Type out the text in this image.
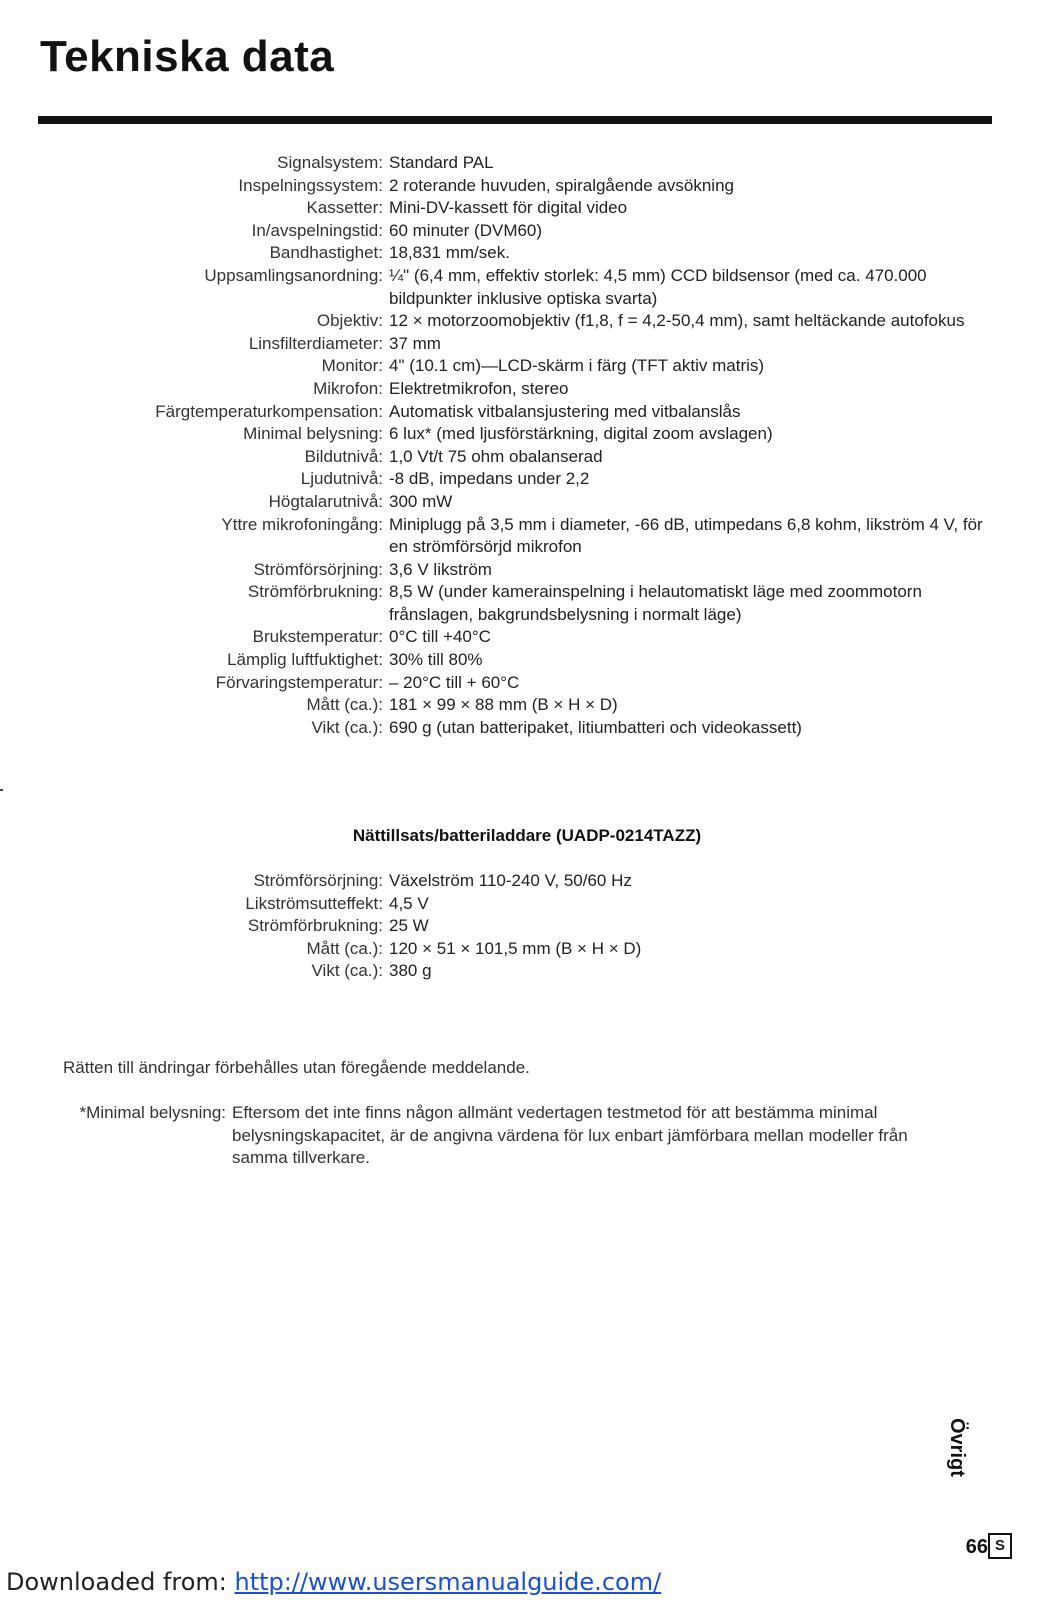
Tekniska data
Signalsystem: Standard PAL
Inspelningssystem: 2 roterande huvuden, spiralgående avsökning
Kassetter: Mini-DV-kassett för digital video
In/avspelningstid: 60 minuter (DVM60)
Bandhastighet: 18,831 mm/sek.
Uppsamlingsanordning: ¼" (6,4 mm, effektiv storlek: 4,5 mm) CCD bildsensor (med ca. 470.000 bildpunkter inklusive optiska svarta)
Objektiv: 12 × motorzoomobjektiv (f1,8, f = 4,2-50,4 mm), samt heltäckande autofokus
Linsfilterdiameter: 37 mm
Monitor: 4" (10.1 cm)—LCD-skärm i färg (TFT aktiv matris)
Mikrofon: Elektretmikrofon, stereo
Färgtemperaturkompensation: Automatisk vitbalansjustering med vitbalanslås
Minimal belysning: 6 lux* (med ljusförstärkning, digital zoom avslagen)
Bildutnivå: 1,0 Vt/t 75 ohm obalanserad
Ljudutnivå: -8 dB, impedans under 2,2
Högtalarutnivå: 300 mW
Yttre mikrofoningång: Miniplugg på 3,5 mm i diameter, -66 dB, utimpedans 6,8 kohm, likström 4 V, för en strömförsörjd mikrofon
Strömförsörjning: 3,6 V likström
Strömförbrukning: 8,5 W (under kamerainspelning i helautomatiskt läge med zoommotorn frånslagen, bakgrundsbelysning i normalt läge)
Brukstemperatur: 0°C till +40°C
Lämplig luftfuktighet: 30% till 80%
Förvaringstemperatur: – 20°C till + 60°C
Mått (ca.): 181 × 99 × 88 mm (B × H × D)
Vikt (ca.): 690 g (utan batteripaket, litiumbatteri och videokassett)
Nättillsats/batteriladdare (UADP-0214TAZZ)
Strömförsörjning: Växelström 110-240 V, 50/60 Hz
Likströmsutteffekt: 4,5 V
Strömförbrukning: 25 W
Mått (ca.): 120 × 51 × 101,5 mm (B × H × D)
Vikt (ca.): 380 g
Rätten till ändringar förbehålles utan föregående meddelande.
*Minimal belysning: Eftersom det inte finns någon allmänt vedertagen testmetod för att bestämma minimal belysningskapacitet, är de angivna värdena för lux enbart jämförbara mellan modeller från samma tillverkare.
Övrigt
66 S
Downloaded from: http://www.usersmanualguide.com/
